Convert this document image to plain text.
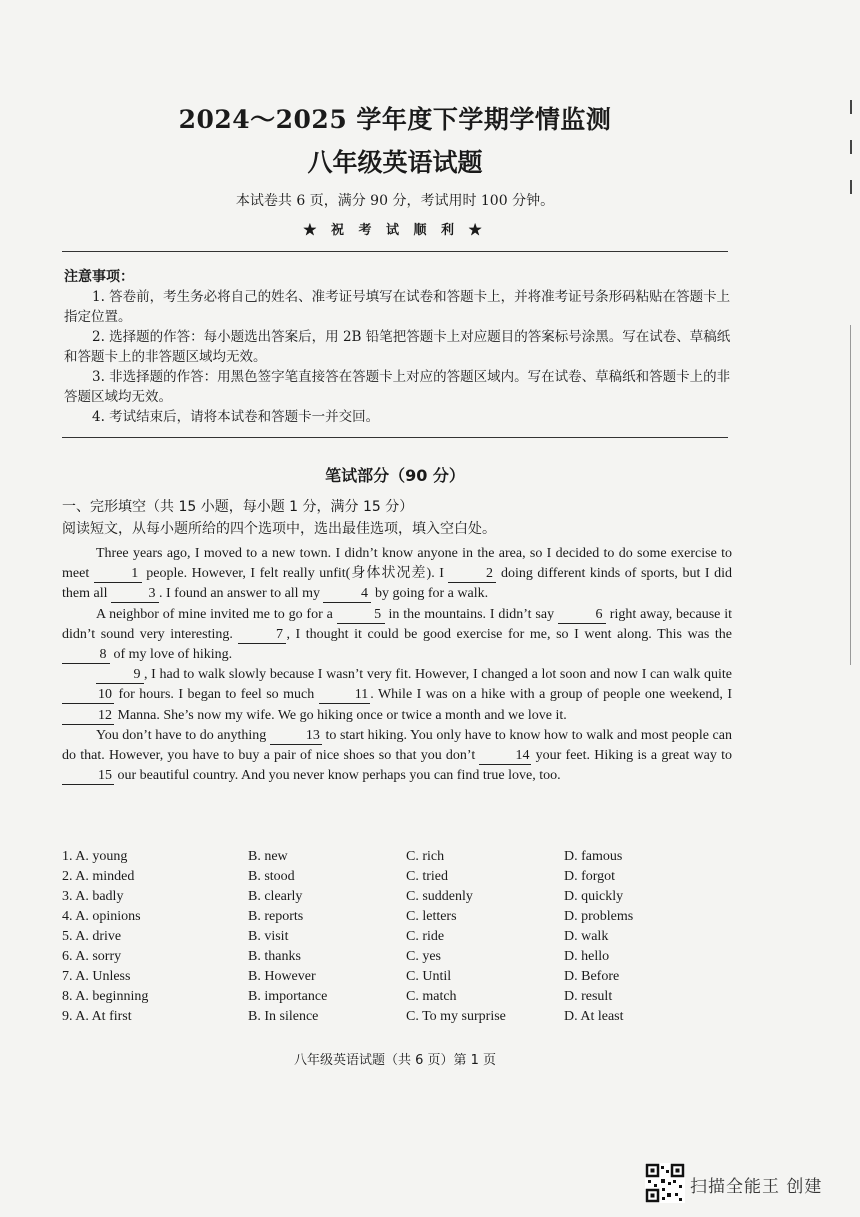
2024～2025 学年度下学期学情监测
八年级英语试题
本试卷共 6 页，满分 90 分，考试用时 100 分钟。
★ 祝 考 试 顺 利 ★
注意事项：

1. 答卷前，考生务必将自己的姓名、准考证号填写在试卷和答题卡上，并将准考证号条形码粘贴在答题卡上指定位置。

2. 选择题的作答：每小题选出答案后，用 2B 铅笔把答题卡上对应题目的答案标号涂黑。写在试卷、草稿纸和答题卡上的非答题区域均无效。

3. 非选择题的作答：用黑色签字笔直接答在答题卡上对应的答题区域内。写在试卷、草稿纸和答题卡上的非答题区域均无效。

4. 考试结束后，请将本试卷和答题卡一并交回。

笔试部分（90 分）
一、完形填空（共 15 小题，每小题 1 分，满分 15 分）
阅读短文，从每小题所给的四个选项中，选出最佳选项，填入空白处。

Three years ago, I moved to a new town. I didn’t know anyone in the area, so I decided to do some exercise to meet	1 people. However, I felt really unfit(身体状况差). I	2 doing different kinds of sports, but I did them all	3 . I found an answer to all my	4 by going for a walk.

A neighbor of mine invited me to go for a	5 in the mountains. I didn’t say	6 right away, because it didn’t sound very interesting.	7 , I thought it could be good exercise for me, so I went along. This was the 8 of my love of hiking.

9 , I had to walk slowly because I wasn’t very fit. However, I changed a lot soon and now I can walk quite 10 for hours. I began to feel so much	11 . While I was on a hike with a group of people one weekend, I 12 Manna. She’s now my wife. We go hiking once or twice a month and we love it.

You don’t have to do anything	13 to start hiking. You only have to know how to walk and most people can do that. However, you have to buy a pair of nice shoes so that you don’t	14 your feet. Hiking is a great way to 15 our beautiful country. And you never know perhaps you can find true love, too.

1. A. young	B. new	C. rich	D. famous
2. A. minded	B. stood	C. tried	D. forgot
3. A. badly	B. clearly	C. suddenly	D. quickly
4. A. opinions	B. reports	C. letters	D. problems
5. A. drive	B. visit	C. ride	D. walk
6. A. sorry	B. thanks	C. yes	D. hello
7. A. Unless	B. However	C. Until	D. Before
8. A. beginning	B. importance	C. match	D. result
9. A. At first	B. In silence	C. To my surprise	D. At least
八年级英语试题（共 6 页）第 1 页
扫描全能王 创建
